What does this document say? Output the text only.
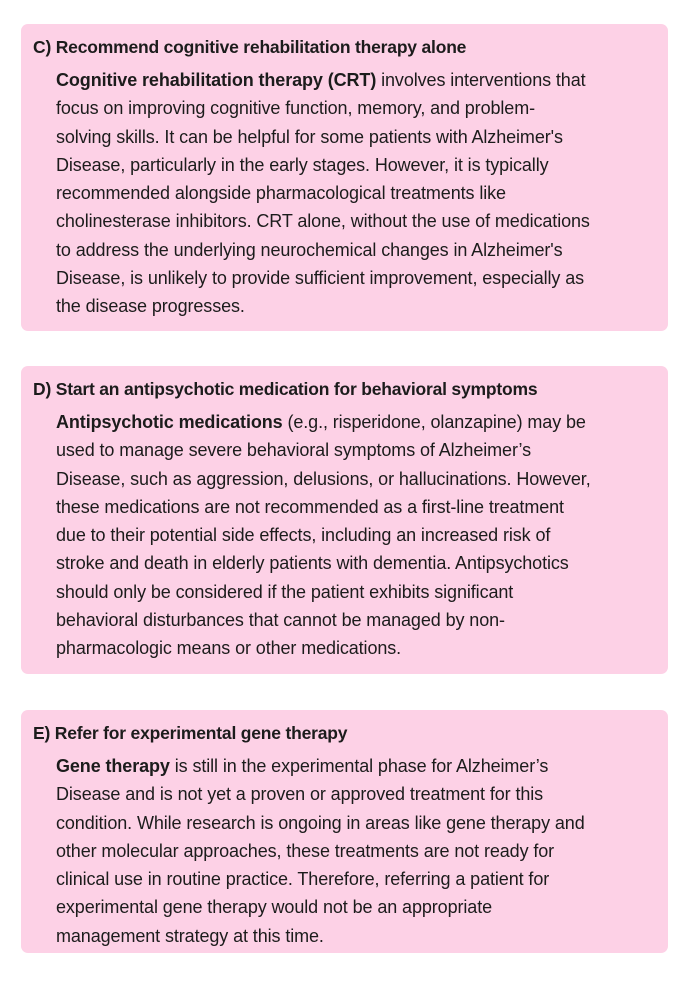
C) Recommend cognitive rehabilitation therapy alone
Cognitive rehabilitation therapy (CRT) involves interventions that
focus on improving cognitive function, memory, and problem-
solving skills. It can be helpful for some patients with Alzheimer's
Disease, particularly in the early stages. However, it is typically
recommended alongside pharmacological treatments like
cholinesterase inhibitors. CRT alone, without the use of medications
to address the underlying neurochemical changes in Alzheimer's
Disease, is unlikely to provide sufficient improvement, especially as
the disease progresses.
D) Start an antipsychotic medication for behavioral symptoms
Antipsychotic medications (e.g., risperidone, olanzapine) may be
used to manage severe behavioral symptoms of Alzheimer’s
Disease, such as aggression, delusions, or hallucinations. However,
these medications are not recommended as a first-line treatment
due to their potential side effects, including an increased risk of
stroke and death in elderly patients with dementia. Antipsychotics
should only be considered if the patient exhibits significant
behavioral disturbances that cannot be managed by non-
pharmacologic means or other medications.
E) Refer for experimental gene therapy
Gene therapy is still in the experimental phase for Alzheimer’s
Disease and is not yet a proven or approved treatment for this
condition. While research is ongoing in areas like gene therapy and
other molecular approaches, these treatments are not ready for
clinical use in routine practice. Therefore, referring a patient for
experimental gene therapy would not be an appropriate
management strategy at this time.
